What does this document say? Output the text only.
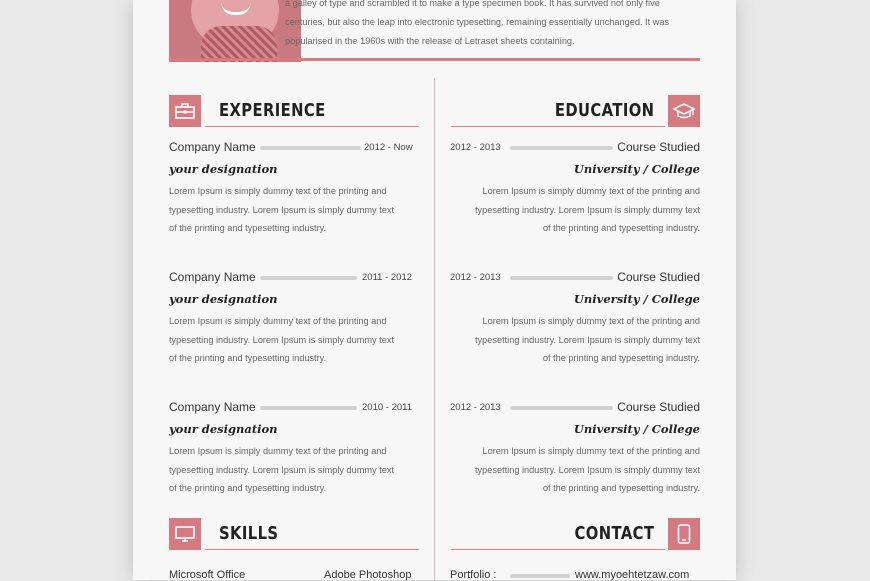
a galley of type and scrambled it to make a type specimen book. It has survived not only five
centuries, but also the leap into electronic typesetting, remaining essentially unchanged. It was
popularised in the 1960s with the release of Letraset sheets containing.
EXPERIENCE	EDUCATION
Company Name	2012 - Now
your designation
Lorem Ipsum is simply dummy text of the printing and
typesetting industry. Lorem Ipsum is simply dummy text
of the printing and typesetting industry.
Company Name	2011 - 2012
your designation
Lorem Ipsum is simply dummy text of the printing and
typesetting industry. Lorem Ipsum is simply dummy text
of the printing and typesetting industry.
Company Name	2010 - 2011
your designation
Lorem Ipsum is simply dummy text of the printing and
typesetting industry. Lorem Ipsum is simply dummy text
of the printing and typesetting industry.
2012 - 2013	Course Studied
University / College
Lorem Ipsum is simply dummy text of the printing and
typesetting industry. Lorem Ipsum is simply dummy text
of the printing and typesetting industry.
2012 - 2013	Course Studied
University / College
Lorem Ipsum is simply dummy text of the printing and
typesetting industry. Lorem Ipsum is simply dummy text
of the printing and typesetting industry.
2012 - 2013	Course Studied
University / College
Lorem Ipsum is simply dummy text of the printing and
typesetting industry. Lorem Ipsum is simply dummy text
of the printing and typesetting industry.
SKILLS	CONTACT
Microsoft Office	Adobe Photoshop	Portfolio :	www.myoehtetzaw.com
